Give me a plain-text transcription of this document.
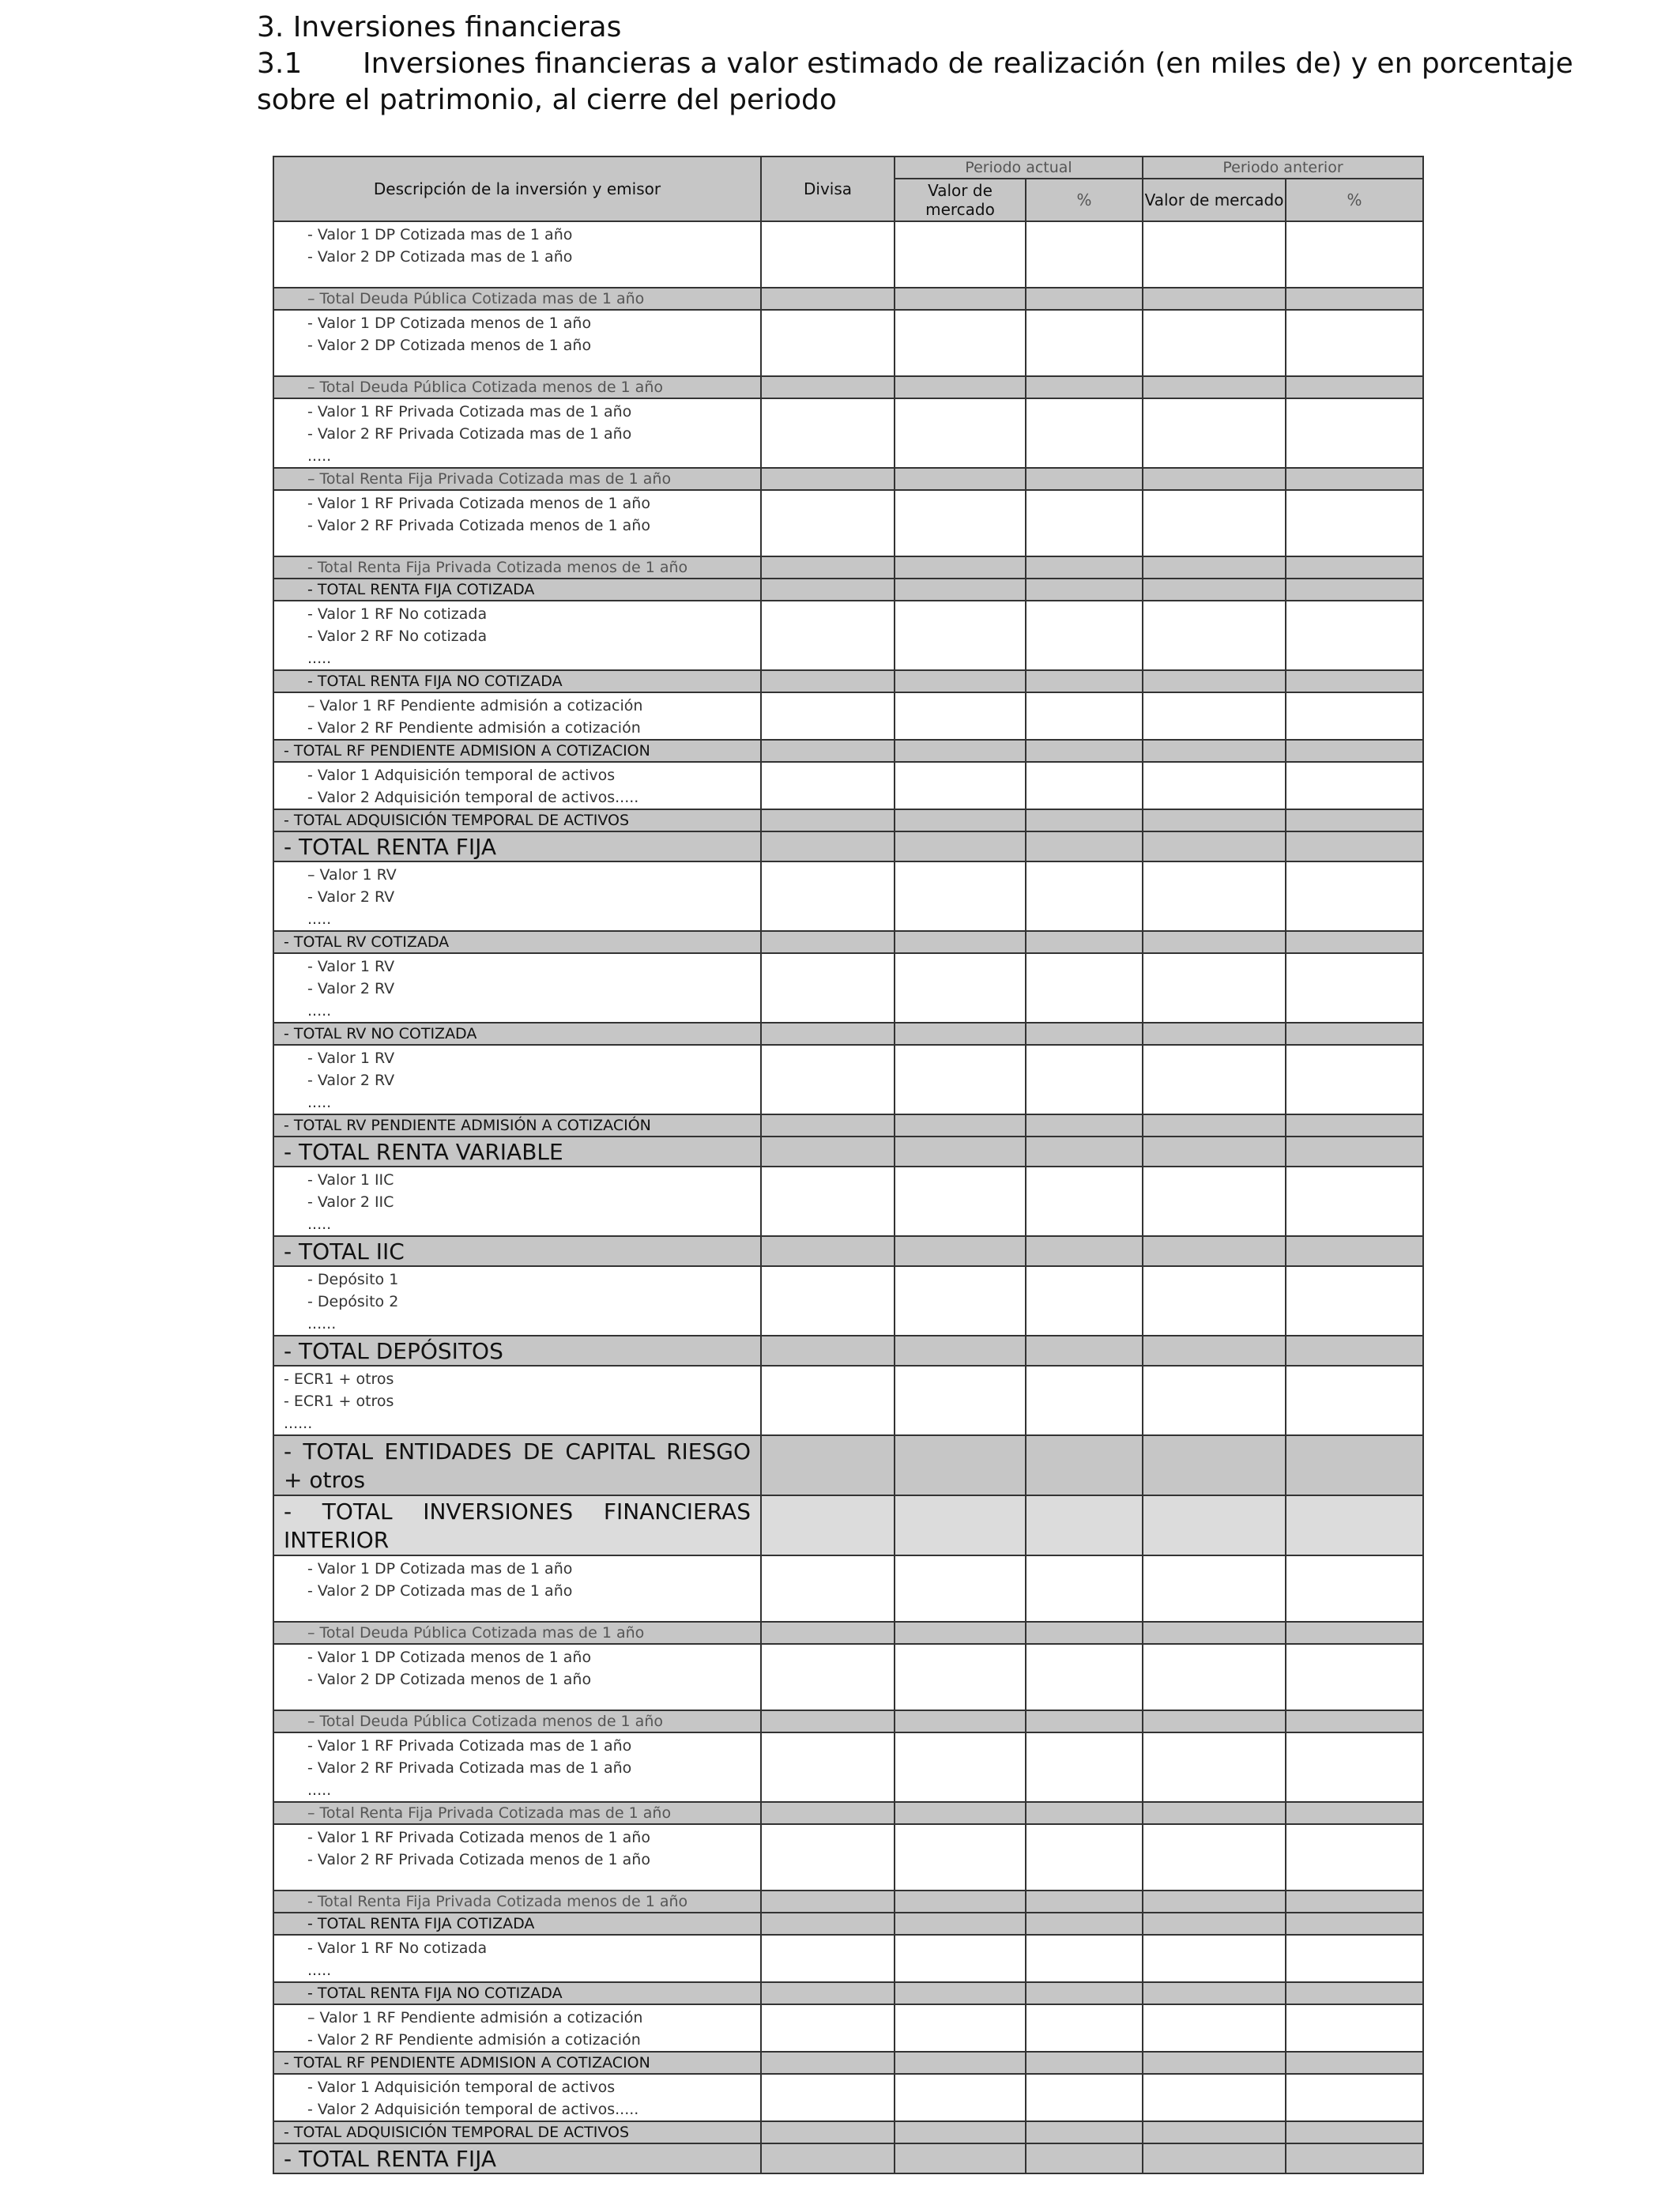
3. Inversiones financieras
3.1 Inversiones financieras a valor estimado de realización (en miles de) y en porcentaje
sobre el patrimonio, al cierre del periodo
Descripción de la inversión y emisor	Divisa	Periodo actual		Periodo anterior	
		Valor de mercado	%	Valor de mercado	%

- Valor 1 DP Cotizada mas de 1 año
- Valor 2 DP Cotizada mas de 1 año					

– Total Deuda Pública Cotizada mas de 1 año					

- Valor 1 DP Cotizada menos de 1 año
- Valor 2 DP Cotizada menos de 1 año					

– Total Deuda Pública Cotizada menos de 1 año					

- Valor 1 RF Privada Cotizada mas de 1 año
- Valor 2 RF Privada Cotizada mas de 1 año
.....					

– Total Renta Fija Privada Cotizada mas de 1 año					

- Valor 1 RF Privada Cotizada menos de 1 año
- Valor 2 RF Privada Cotizada menos de 1 año					

- Total Renta Fija Privada Cotizada menos de 1 año					
- TOTAL RENTA FIJA COTIZADA					

- Valor 1 RF No cotizada
- Valor 2 RF No cotizada
.....					

- TOTAL RENTA FIJA NO COTIZADA					

– Valor 1 RF Pendiente admisión a cotización
- Valor 2 RF Pendiente admisión a cotización					

- TOTAL RF PENDIENTE ADMISION A COTIZACION					

- Valor 1 Adquisición temporal de activos
- Valor 2 Adquisición temporal de activos.....					

- TOTAL ADQUISICIÓN TEMPORAL DE ACTIVOS					
- TOTAL RENTA FIJA					

– Valor 1 RV
- Valor 2 RV
.....					

- TOTAL RV COTIZADA					

- Valor 1 RV
- Valor 2 RV
.....					

- TOTAL RV NO COTIZADA					

- Valor 1 RV
- Valor 2 RV
.....					

- TOTAL RV PENDIENTE ADMISIÓN A COTIZACIÓN					
- TOTAL RENTA VARIABLE					

- Valor 1 IIC
- Valor 2 IIC
.....					

- TOTAL IIC					

- Depósito 1
- Depósito 2
......					

- TOTAL DEPÓSITOS					

- ECR1 + otros
- ECR1 + otros
......					

- TOTAL ENTIDADES DE CAPITAL RIESGO + otros					
- TOTAL INVERSIONES FINANCIERAS INTERIOR					

- Valor 1 DP Cotizada mas de 1 año
- Valor 2 DP Cotizada mas de 1 año					

– Total Deuda Pública Cotizada mas de 1 año					

- Valor 1 DP Cotizada menos de 1 año
- Valor 2 DP Cotizada menos de 1 año					

– Total Deuda Pública Cotizada menos de 1 año					

- Valor 1 RF Privada Cotizada mas de 1 año
- Valor 2 RF Privada Cotizada mas de 1 año
.....					

– Total Renta Fija Privada Cotizada mas de 1 año					

- Valor 1 RF Privada Cotizada menos de 1 año
- Valor 2 RF Privada Cotizada menos de 1 año					

- Total Renta Fija Privada Cotizada menos de 1 año					
- TOTAL RENTA FIJA COTIZADA					

- Valor 1 RF No cotizada
.....					

- TOTAL RENTA FIJA NO COTIZADA					

– Valor 1 RF Pendiente admisión a cotización
- Valor 2 RF Pendiente admisión a cotización					

- TOTAL RF PENDIENTE ADMISION A COTIZACION					

- Valor 1 Adquisición temporal de activos
- Valor 2 Adquisición temporal de activos.....					

- TOTAL ADQUISICIÓN TEMPORAL DE ACTIVOS					
- TOTAL RENTA FIJA					
